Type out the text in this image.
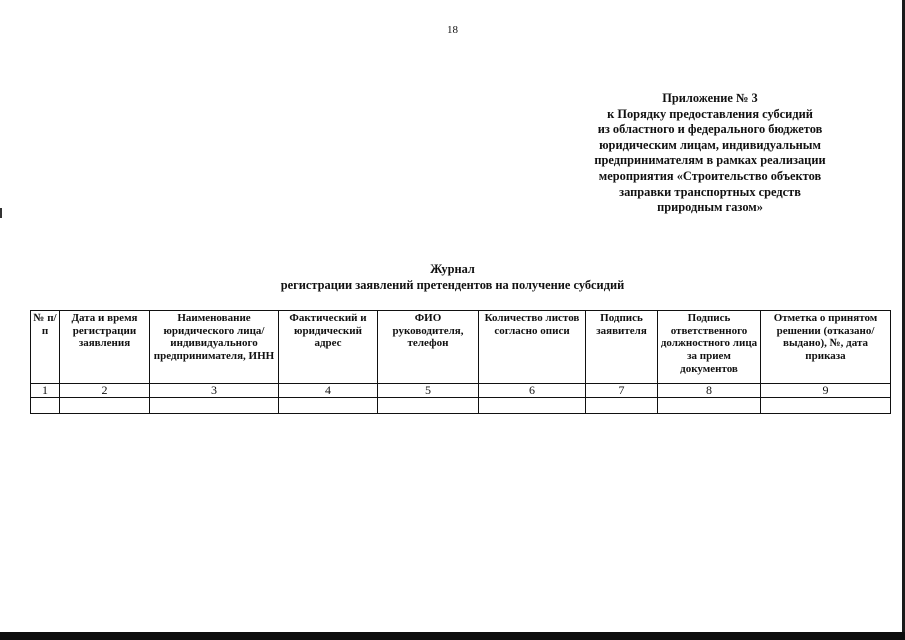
18
Приложение № 3
к Порядку предоставления субсидий
из областного и федерального бюджетов
юридическим лицам, индивидуальным
предпринимателям в рамках реализации
мероприятия «Строительство объектов
заправки транспортных средств
природным газом»
Журнал
регистрации заявлений претендентов на получение субсидий
№ п/п	Дата и время регистрации заявления	Наименование юридического лица/ индивидуального предпринимателя, ИНН	Фактический и юридический адрес	ФИО руководителя, телефон	Количество листов согласно описи	Подпись заявителя	Подпись ответственного должностного лица за прием документов	Отметка о принятом решении (отказано/выдано), №, дата приказа
1	2	3	4	5	6	7	8	9
